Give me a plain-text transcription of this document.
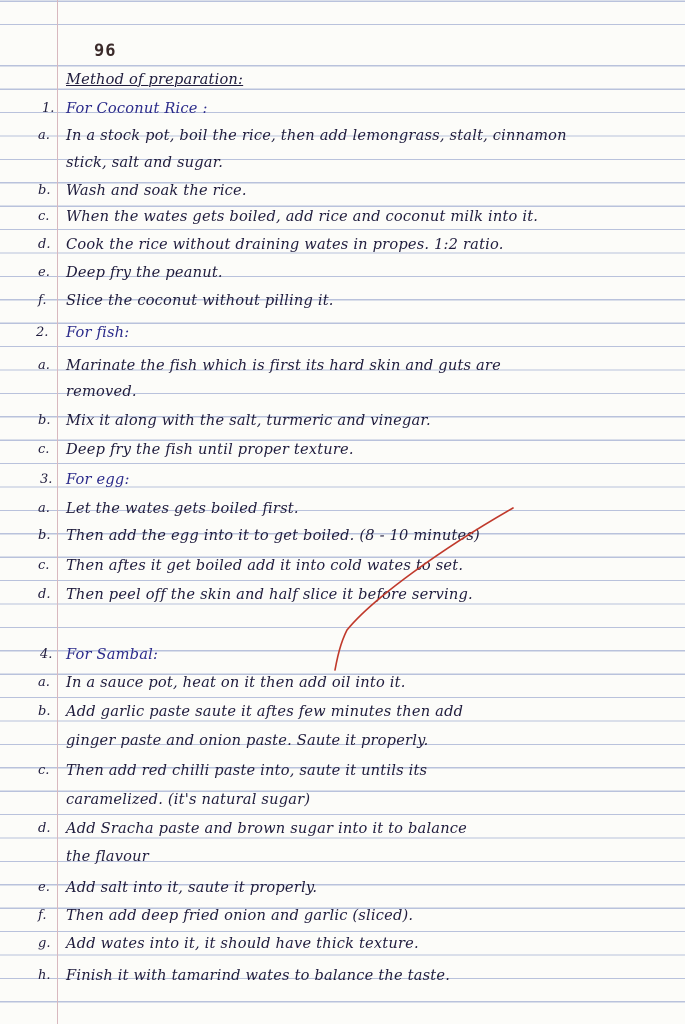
96
Method of preparation:
1. For Coconut Rice :
a. In a stock pot, boil the rice, then add lemongrass, stalt, cinnamon
stick, salt and sugar.
b. Wash and soak the rice.
c. When the wates gets boiled, add rice and coconut milk into it.
d. Cook the rice without draining wates in propes. 1:2 ratio.
e. Deep fry the peanut.
f. Slice the coconut without pilling it.
2. For fish:
a. Marinate the fish which is first its hard skin and guts are
removed.
b. Mix it along with the salt, turmeric and vinegar.
c. Deep fry the fish until proper texture.
3. For egg:
a. Let the wates gets boiled first.
b. Then add the egg into it to get boiled. (8 - 10 minutes)
c. Then aftes it get boiled add it into cold wates to set.
d. Then peel off the skin and half slice it before serving.
4. For Sambal:
a. In a sauce pot, heat on it then add oil into it.
b. Add garlic paste saute it aftes few minutes then add
ginger paste and onion paste. Saute it properly.
c. Then add red chilli paste into, saute it untils its
caramelized. (it's natural sugar)
d. Add Sracha paste and brown sugar into it to balance
the flavour
e. Add salt into it, saute it properly.
f. Then add deep fried onion and garlic (sliced).
g. Add wates into it, it should have thick texture.
h. Finish it with tamarind wates to balance the taste.
